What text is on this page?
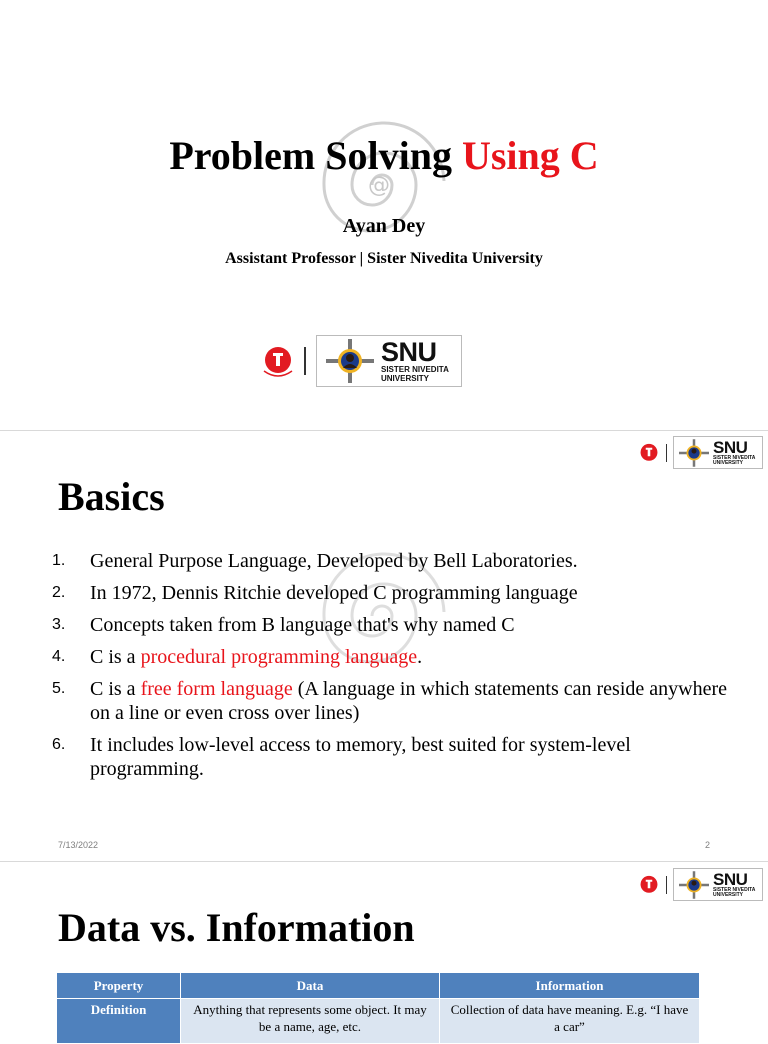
@
Problem Solving Using C
Ayan Dey
Assistant Professor | Sister Nivedita University
SNU
SISTER NIVEDITA
UNIVERSITY
SNU
SISTER NIVEDITA
UNIVERSITY
Basics
1.	General Purpose Language, Developed by Bell Laboratories.
2.	In 1972, Dennis Ritchie developed C programming language
3.	Concepts taken from B language that's why named C
4.	C is a procedural programming language.
5.	C is a free form language (A language in which statements can reside anywhere on a line or even cross over lines)
6.	It includes low-level access to memory, best suited for system-level programming.
7/13/2022	2
SNU
SISTER NIVEDITA
UNIVERSITY
Data vs. Information
Property	Data	Information
Definition	Anything that represents some object. It may be a name, age, etc.	Collection of data have meaning. E.g. “I have a car”
